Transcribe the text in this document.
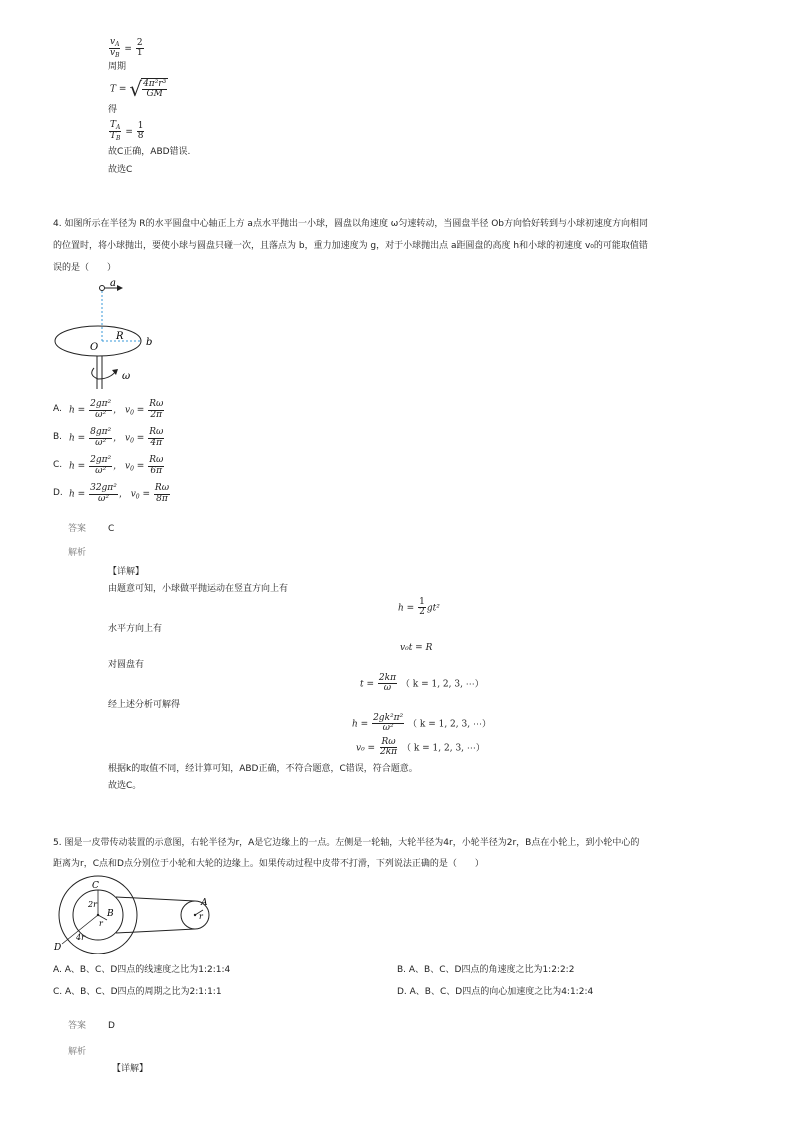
$\frac{v_A}{v_B} = \frac{2}{1}$
周期
T = √ $\frac{\text{4π²r³}}{GM}$
得
$\frac{T_A}{T_B} = \frac{1}{8}$
故C正确，ABD错误.
故选C
4. 如图所示在半径为 R的水平圆盘中心轴正上方 a点水平抛出一小球，圆盘以角速度 ω匀速转动，当圆盘半径 Ob方向恰好转到与小球初速度方向相同
的位置时，将小球抛出，要使小球与圆盘只碰一次，且落点为 b，重力加速度为 g，对于小球抛出点 a距圆盘的高度 h和小球的初速度 v₀的可能取值错
误的是（　　）
a
R
O	b
ω
A. $h = \frac{\text{2gπ²}}{\text{ω²}}$ ， $v_0 = \frac{R\omega}{2\pi}$
B. $h = \frac{\text{8gπ²}}{\text{ω²}}$ ， $v_0 = \frac{R\omega}{4\pi}$
C. $h = \frac{\text{2gπ²}}{\text{ω²}}$ ， $v_0 = \frac{R\omega}{6\pi}$
D. $h = \frac{\text{32gπ²}}{\text{ω²}}$ ， $v_0 = \frac{R\omega}{8\pi}$
答案 C
解析
【详解】
由题意可知，小球做平抛运动在竖直方向上有
$h = \frac{1}{2} gt^2$
水平方向上有
v₀t = R
对圆盘有
$t = \frac{2k\pi}{\omega}$ （ k = 1, 2, 3, ⋯）
经上述分析可解得
$h = \frac{\text{2gk²π²}}{\text{ω²}}$ （ k = 1, 2, 3, ⋯）
$v_0 = \frac{R\omega}{2k\pi}$ （ k = 1, 2, 3, ⋯）
根据k的取值不同，经计算可知，ABD正确，不符合题意，C错误，符合题意。
故选C。
5. 图是一皮带传动装置的示意图，右轮半径为r，A是它边缘上的一点。左侧是一轮轴，大轮半径为4r，小轮半径为2r，B点在小轮上，到小轮中心的
距离为r，C点和D点分别位于小轮和大轮的边缘上。如果传动过程中皮带不打滑，下列说法正确的是（　　）
C
2r
B
r
4r
D
A
r
A. A、B、C、D四点的线速度之比为1:2:1:4	B. A、B、C、D四点的角速度之比为1:2:2:2
C. A、B、C、D四点的周期之比为2:1:1:1	D. A、B、C、D四点的向心加速度之比为4:1:2:4
答案 D
解析
【详解】
